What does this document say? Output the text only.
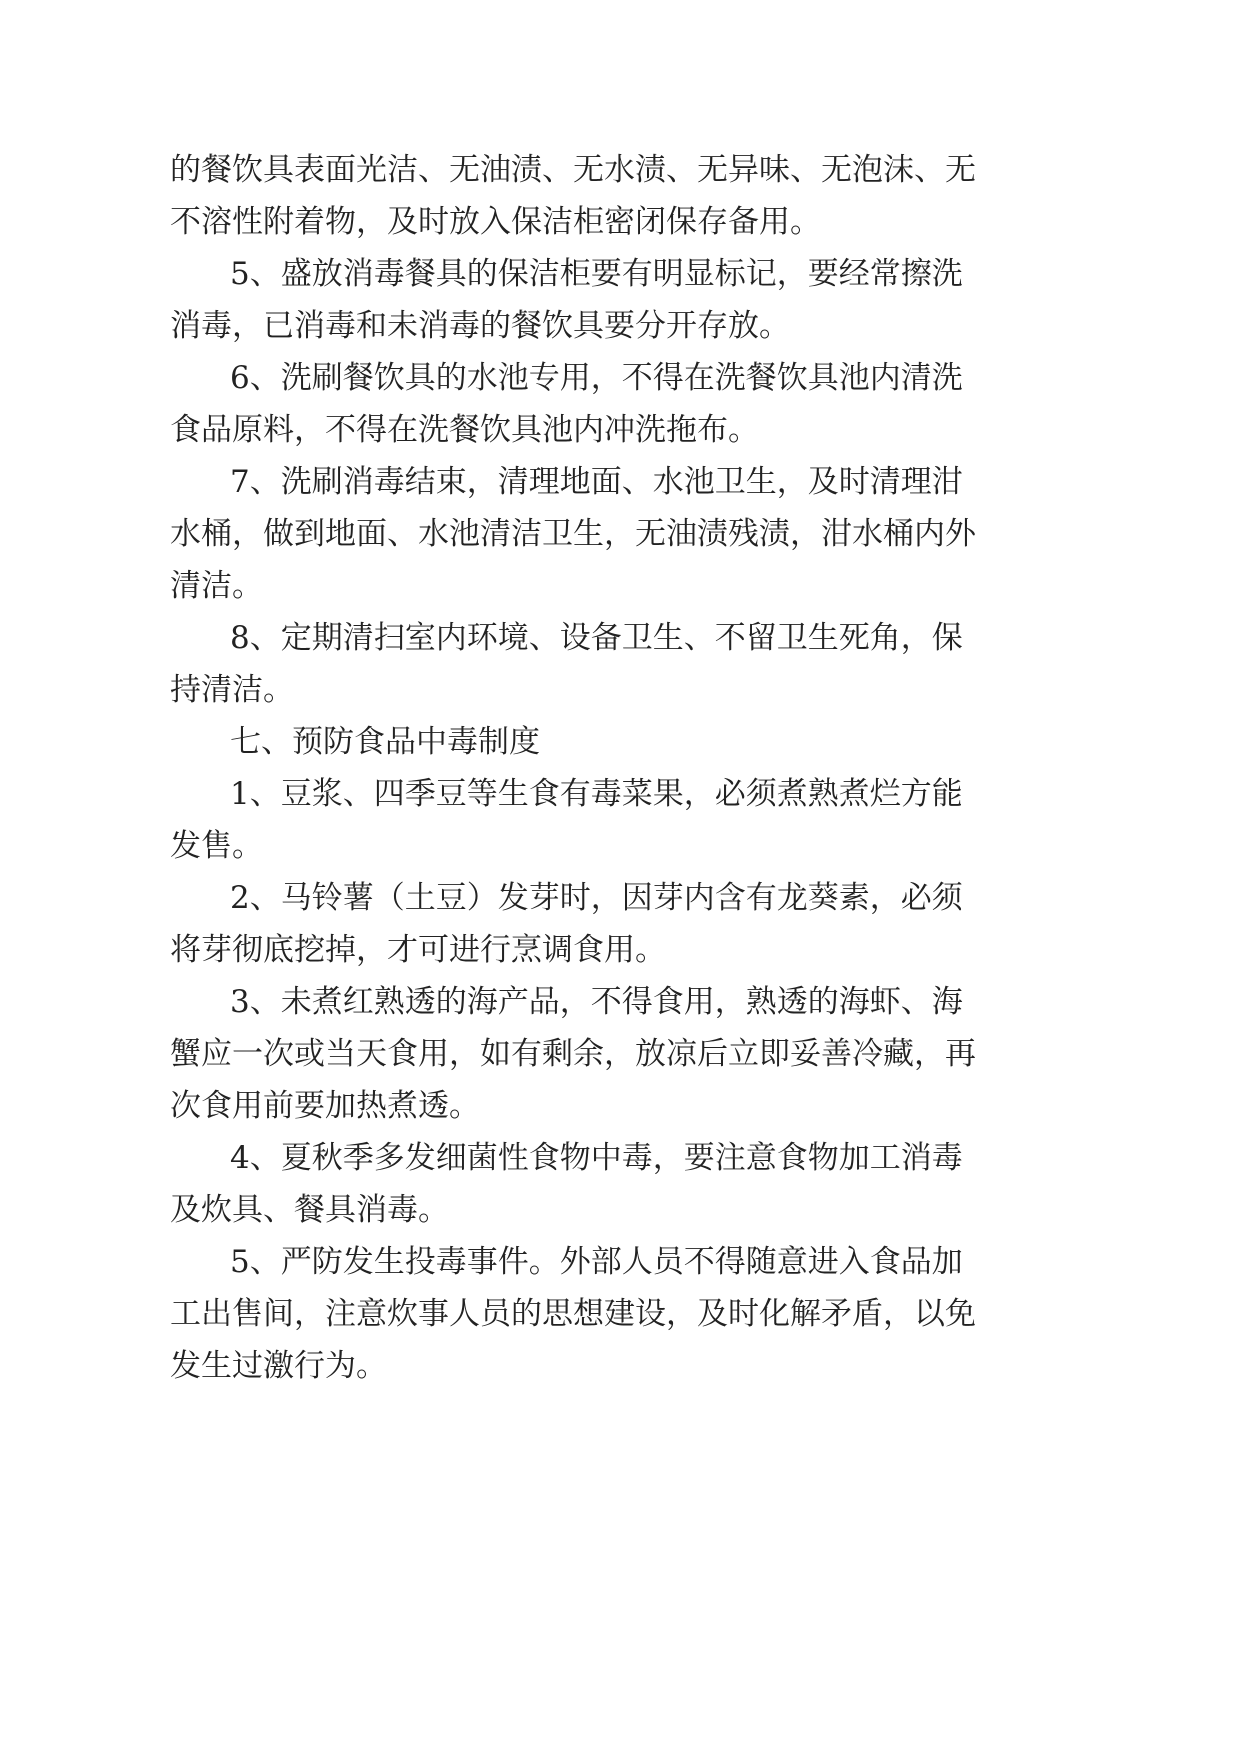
的 餐 饮 具 表 面 光 洁 、 无 油 渍 、 无 水 渍 、 无 异 味 、 无 泡 沫 、 无
不溶性附着物，及时放入保洁柜密闭保存备用。
5 、 盛 放 消 毒 餐 具 的 保 洁 柜 要 有 明 显 标 记 ， 要 经 常 擦 洗
消毒，已消毒和未消毒的餐饮具要分开存放。
6 、 洗 刷 餐 饮 具 的 水 池 专 用 ， 不 得 在 洗 餐 饮 具 池 内 清 洗
食品原料，不得在洗餐饮具池内冲洗拖布。
7 、 洗 刷 消 毒 结 束 ， 清 理 地 面 、 水 池 卫 生 ， 及 时 清 理 泔
水 桶 ， 做 到 地 面 、 水 池 清 洁 卫 生 ， 无 油 渍 残 渍 ， 泔 水 桶 内 外
清洁。
8 、 定 期 清 扫 室 内 环 境 、 设 备 卫 生 、 不 留 卫 生 死 角 ， 保
持清洁。
七、预防食品中毒制度
1 、 豆 浆 、 四 季 豆 等 生 食 有 毒 菜 果 ， 必 须 煮 熟 煮 烂 方 能
发售。
2 、 马 铃 薯 （ 土 豆 ） 发 芽 时 ， 因 芽 内 含 有 龙 葵 素 ， 必 须
将芽彻底挖掉，才可进行烹调食用。
3 、 未 煮 红 熟 透 的 海 产 品 ， 不 得 食 用 ， 熟 透 的 海 虾 、 海
蟹 应 一 次 或 当 天 食 用 ， 如 有 剩 余 ， 放 凉 后 立 即 妥 善 冷 藏 ， 再
次食用前要加热煮透。
4 、 夏 秋 季 多 发 细 菌 性 食 物 中 毒 ， 要 注 意 食 物 加 工 消 毒
及炊具、餐具消毒。
5 、 严 防 发 生 投 毒 事 件 。 外 部 人 员 不 得 随 意 进 入 食 品 加
工 出 售 间 ， 注 意 炊 事 人 员 的 思 想 建 设 ， 及 时 化 解 矛 盾 ， 以 免
发生过激行为。
